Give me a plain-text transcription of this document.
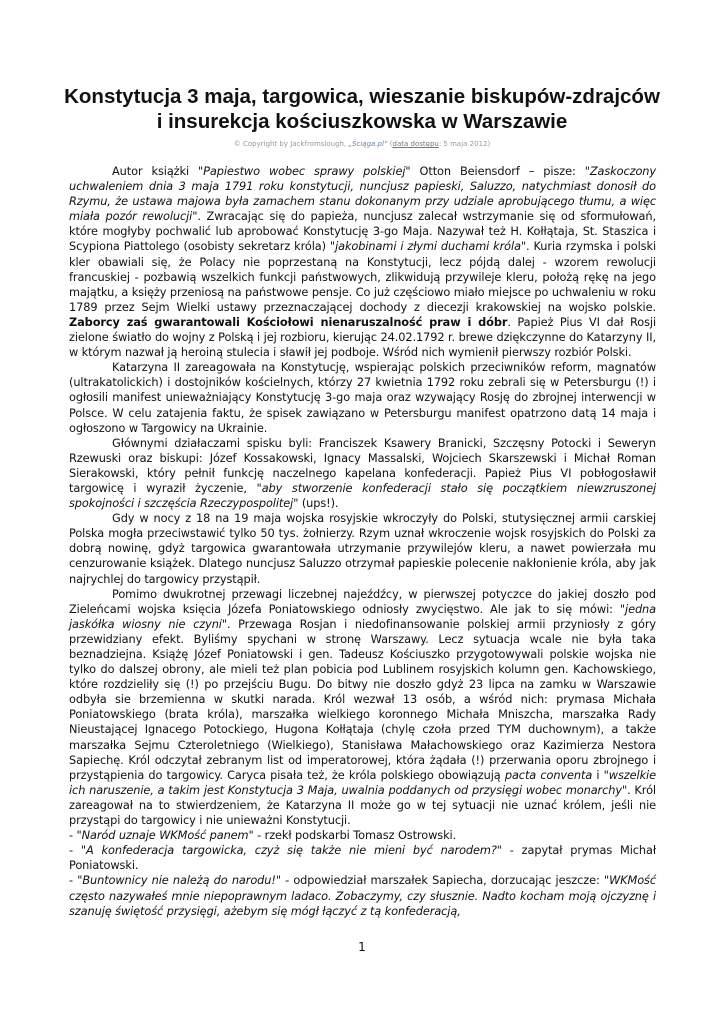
Konstytucja 3 maja, targowica, wieszanie biskupów-zdrajców i insurekcja kościuszkowska w Warszawie
© Copyright by Jackfromslough, „Ściąga.pl” (data dostępu: 5 maja 2012)

Autor książki "Papiestwo wobec sprawy polskiej" Otton Beiensdorf – pisze: "Zaskoczony uchwaleniem dnia 3 maja 1791 roku konstytucji, nuncjusz papieski, Saluzzo, natychmiast donosił do Rzymu, że ustawa majowa była zamachem stanu dokonanym przy udziale aprobującego tłumu, a więc miała pozór rewolucji". Zwracając się do papieża, nuncjusz zalecał wstrzymanie się od sformułowań, które mogłyby pochwalić lub aprobować Konstytucję 3-go Maja. Nazywał też H. Kołłątaja, St. Staszica i Scypiona Piattolego (osobisty sekretarz króla) "jakobinami i złymi duchami króla". Kuria rzymska i polski kler obawiali się, że Polacy nie poprzestaną na Konstytucji, lecz pójdą dalej - wzorem rewolucji francuskiej - pozbawią wszelkich funkcji państwowych, zlikwidują przywileje kleru, położą rękę na jego majątku, a księży przeniosą na państwowe pensje. Co już częściowo miało miejsce po uchwaleniu w roku 1789 przez Sejm Wielki ustawy przeznaczającej dochody z diecezji krakowskiej na wojsko polskie. Zaborcy zaś gwarantowali Kościołowi nienaruszalność praw i dóbr. Papież Pius VI dał Rosji zielone światło do wojny z Polską i jej rozbioru, kierując 24.02.1792 r. brewe dziękczynne do Katarzyny II, w którym nazwał ją heroiną stulecia i sławił jej podboje. Wśród nich wymienił pierwszy rozbiór Polski.

Katarzyna II zareagowała na Konstytucję, wspierając polskich przeciwników reform, magnatów (ultrakatolickich) i dostojników kościelnych, którzy 27 kwietnia 1792 roku zebrali się w Petersburgu (!) i ogłosili manifest unieważniający Konstytucję 3-go maja oraz wzywający Rosję do zbrojnej interwencji w Polsce. W celu zatajenia faktu, że spisek zawiązano w Petersburgu manifest opatrzono datą 14 maja i ogłoszono w Targowicy na Ukrainie.

Głównymi działaczami spisku byli: Franciszek Ksawery Branicki, Szczęsny Potocki i Seweryn Rzewuski oraz biskupi: Józef Kossakowski, Ignacy Massalski, Wojciech Skarszewski i Michał Roman Sierakowski, który pełnił funkcję naczelnego kapelana konfederacji. Papież Pius VI pobłogosławił targowicę i wyraził życzenie, "aby stworzenie konfederacji stało się początkiem niewzruszonej spokojności i szczęścia Rzeczypospolitej" (ups!).

Gdy w nocy z 18 na 19 maja wojska rosyjskie wkroczyły do Polski, stutysięcznej armii carskiej Polska mogła przeciwstawić tylko 50 tys. żołnierzy. Rzym uznał wkroczenie wojsk rosyjskich do Polski za dobrą nowinę, gdyż targowica gwarantowała utrzymanie przywilejów kleru, a nawet powierzała mu cenzurowanie książek. Dlatego nuncjusz Saluzzo otrzymał papieskie polecenie nakłonienie króla, aby jak najrychlej do targowicy przystąpił.

Pomimo dwukrotnej przewagi liczebnej najeźdźcy, w pierwszej potyczce do jakiej doszło pod Zieleńcami wojska księcia Józefa Poniatowskiego odniosły zwycięstwo. Ale jak to się mówi: "jedna jaskółka wiosny nie czyni". Przewaga Rosjan i niedofinansowanie polskiej armii przyniosły z góry przewidziany efekt. Byliśmy spychani w stronę Warszawy. Lecz sytuacja wcale nie była taka beznadziejna. Książę Józef Poniatowski i gen. Tadeusz Kościuszko przygotowywali polskie wojska nie tylko do dalszej obrony, ale mieli też plan pobicia pod Lublinem rosyjskich kolumn gen. Kachowskiego, które rozdzieliły się (!) po przejściu Bugu. Do bitwy nie doszło gdyż 23 lipca na zamku w Warszawie odbyła sie brzemienna w skutki narada. Król wezwał 13 osób, a wśród nich: prymasa Michała Poniatowskiego (brata króla), marszałka wielkiego koronnego Michała Mniszcha, marszałka Rady Nieustającej Ignacego Potockiego, Hugona Kołłątaja (chylę czoła przed TYM duchownym), a także marszałka Sejmu Czteroletniego (Wielkiego), Stanisława Małachowskiego oraz Kazimierza Nestora Sapiechę. Król odczytał zebranym list od imperatorowej, która żądała (!) przerwania oporu zbrojnego i przystąpienia do targowicy. Caryca pisała też, że króla polskiego obowiązują pacta conventa i "wszelkie ich naruszenie, a takim jest Konstytucja 3 Maja, uwalnia poddanych od przysięgi wobec monarchy". Król zareagował na to stwierdzeniem, że Katarzyna II może go w tej sytuacji nie uznać królem, jeśli nie przystąpi do targowicy i nie unieważni Konstytucji.

- "Naród uznaje WKMość panem" - rzekł podskarbi Tomasz Ostrowski.

- "A konfederacja targowicka, czyż się także nie mieni być narodem?" - zapytał prymas Michał Poniatowski.

- "Buntownicy nie należą do narodu!" - odpowiedział marszałek Sapiecha, dorzucając jeszcze: "WKMość często nazywałeś mnie niepoprawnym ladaco. Zobaczymy, czy słusznie. Nadto kocham moją ojczyznę i szanuję świętość przysięgi, ażebym się mógł łączyć z tą konfederacją,

1
